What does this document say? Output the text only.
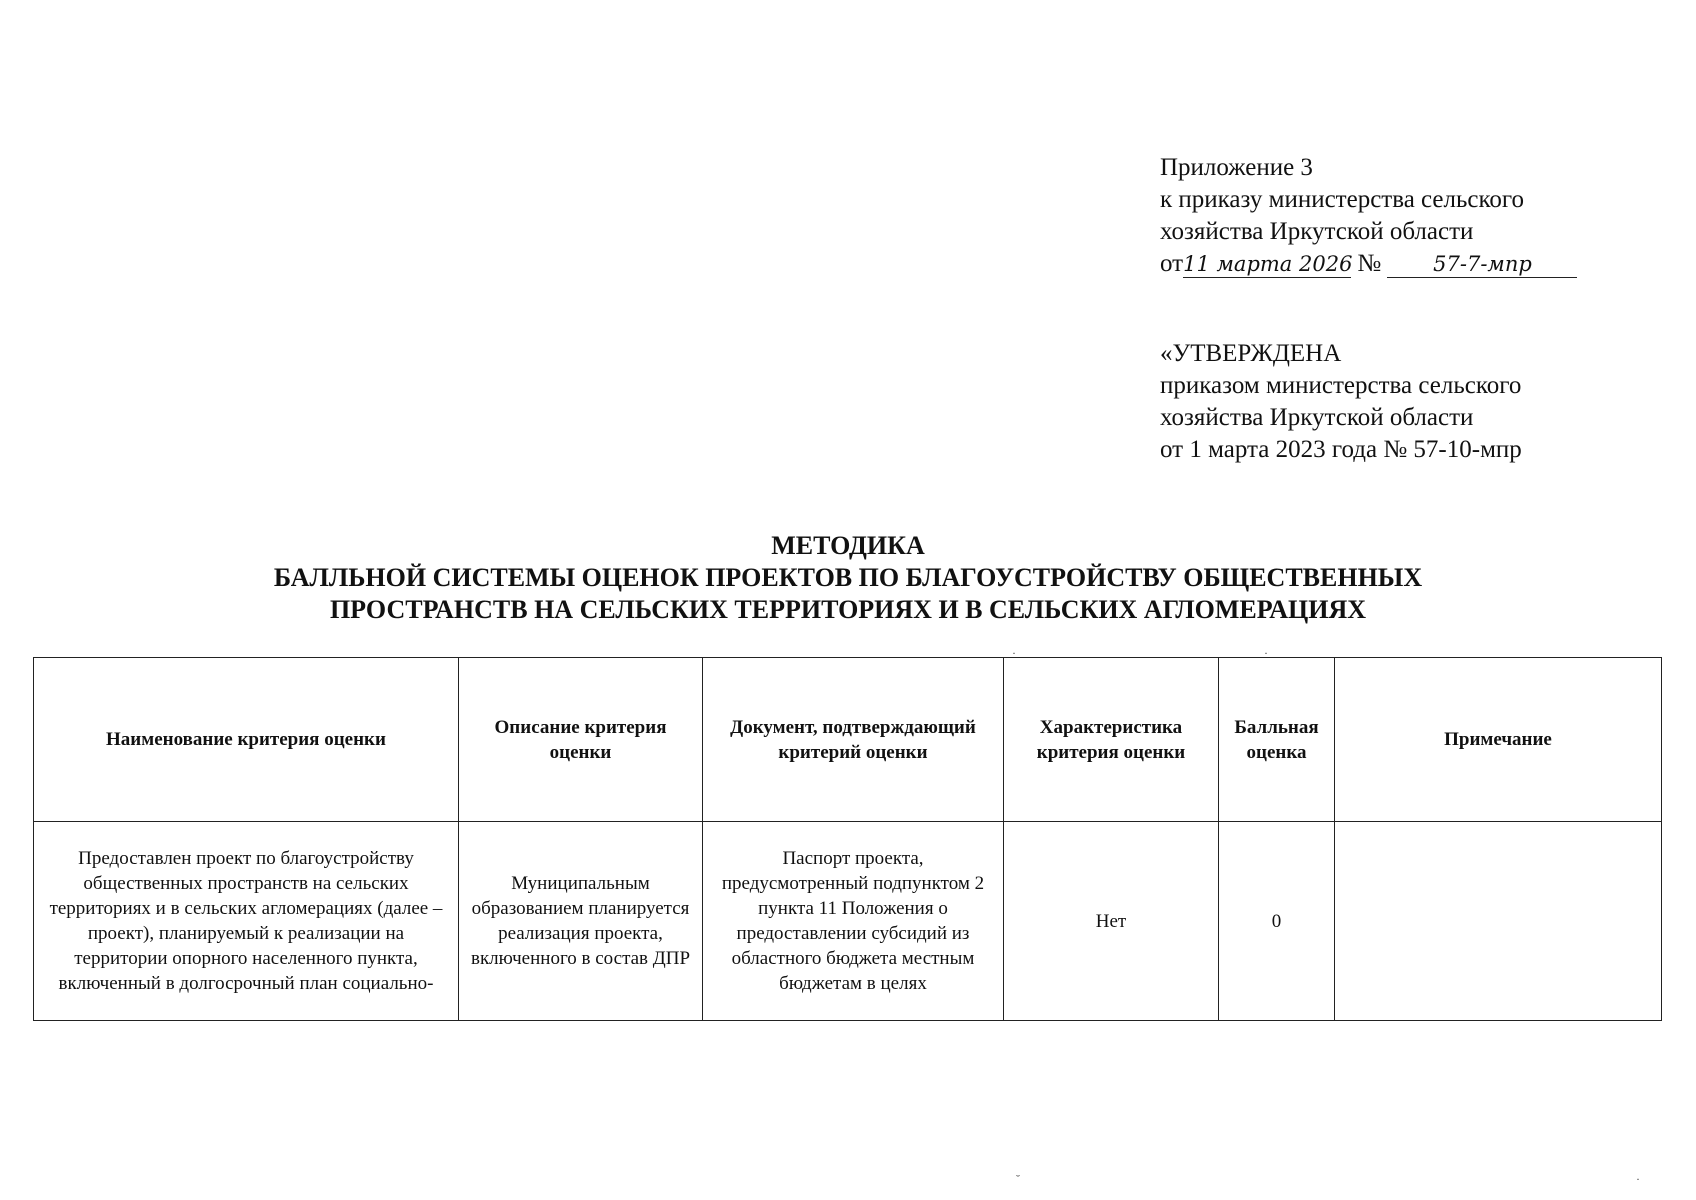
Приложение 3
к приказу министерства сельского
хозяйства Иркутской области
от11 марта 2026 № 57-7-мпр
«УТВЕРЖДЕНА
приказом министерства сельского
хозяйства Иркутской области
от 1 марта 2023 года № 57-10-мпр
МЕТОДИКА
БАЛЛЬНОЙ СИСТЕМЫ ОЦЕНОК ПРОЕКТОВ ПО БЛАГОУСТРОЙСТВУ ОБЩЕСТВЕННЫХ
ПРОСТРАНСТВ НА СЕЛЬСКИХ ТЕРРИТОРИЯХ И В СЕЛЬСКИХ АГЛОМЕРАЦИЯХ
·	·
Наименование критерия оценки	Описание критерия оценки	Документ, подтверждающий критерий оценки	Характеристика критерия оценки	Балльная оценка	Примечание
Предоставлен проект по благоустройству общественных пространств на сельских территориях и в сельских агломерациях (далее – проект), планируемый к реализации на территории опорного населенного пункта, включенный в долгосрочный план социально-	Муниципальным образованием планируется реализация проекта, включенного в состав ДПР	Паспорт проекта, предусмотренный подпунктом 2 пункта 11 Положения о предоставлении субсидий из областного бюджета местным бюджетам в целях	Нет	0	
˘	·
